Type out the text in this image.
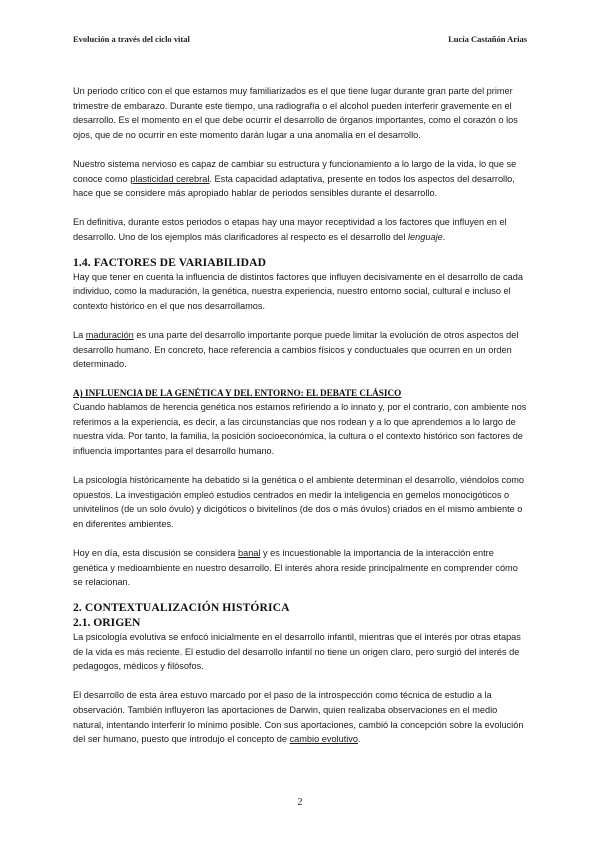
Evolución a través del ciclo vital	Lucía Castañón Arias

Un periodo crítico con el que estamos muy familiarizados es el que tiene lugar durante gran parte del primer trimestre de embarazo. Durante este tiempo, una radiografía o el alcohol pueden interferir gravemente en el desarrollo. Es el momento en el que debe ocurrir el desarrollo de órganos importantes, como el corazón o los ojos, que de no ocurrir en este momento darán lugar a una anomalía en el desarrollo.

Nuestro sistema nervioso es capaz de cambiar su estructura y funcionamiento a lo largo de la vida, lo que se conoce como plasticidad cerebral. Esta capacidad adaptativa, presente en todos los aspectos del desarrollo, hace que se considere más apropiado hablar de periodos sensibles durante el desarrollo.

En definitiva, durante estos periodos o etapas hay una mayor receptividad a los factores que influyen en el desarrollo. Uno de los ejemplos más clarificadores al respecto es el desarrollo del lenguaje.

1.4. FACTORES DE VARIABILIDAD

Hay que tener en cuenta la influencia de distintos factores que influyen decisivamente en el desarrollo de cada individuo, como la maduración, la genética, nuestra experiencia, nuestro entorno social, cultural e incluso el contexto histórico en el que nos desarrollamos.

La maduración es una parte del desarrollo importante porque puede limitar la evolución de otros aspectos del desarrollo humano. En concreto, hace referencia a cambios físicos y conductuales que ocurren en un orden determinado.

A) INFLUENCIA DE LA GENÉTICA Y DEL ENTORNO: EL DEBATE CLÁSICO

Cuando hablamos de herencia genética nos estamos refiriendo a lo innato y, por el contrario, con ambiente nos referimos a la experiencia, es decir, a las circunstancias que nos rodean y a lo que aprendemos a lo largo de nuestra vida. Por tanto, la familia, la posición socioeconómica, la cultura o el contexto histórico son factores de influencia importantes para el desarrollo humano.

La psicología históricamente ha debatido si la genética o el ambiente determinan el desarrollo, viéndolos como opuestos. La investigación empleó estudios centrados en medir la inteligencia en gemelos monocigóticos o univitelinos (de un solo óvulo) y dicigóticos o bivitelinos (de dos o más óvulos) criados en el mismo ambiente o en diferentes ambientes.

Hoy en día, esta discusión se considera banal y es incuestionable la importancia de la interacción entre genética y medioambiente en nuestro desarrollo. El interés ahora reside principalmente en comprender cómo se relacionan.

2. CONTEXTUALIZACIÓN HISTÓRICA
2.1. ORIGEN

La psicología evolutiva se enfocó inicialmente en el desarrollo infantil, mientras que el interés por otras etapas de la vida es más reciente. El estudio del desarrollo infantil no tiene un origen claro, pero surgió del interés de pedagogos, médicos y filósofos.

El desarrollo de esta área estuvo marcado por el paso de la introspección como técnica de estudio a la observación. También influyeron las aportaciones de Darwin, quien realizaba observaciones en el medio natural, intentando interferir lo mínimo posible. Con sus aportaciones, cambió la concepción sobre la evolución del ser humano, puesto que introdujo el concepto de cambio evolutivo.

2
